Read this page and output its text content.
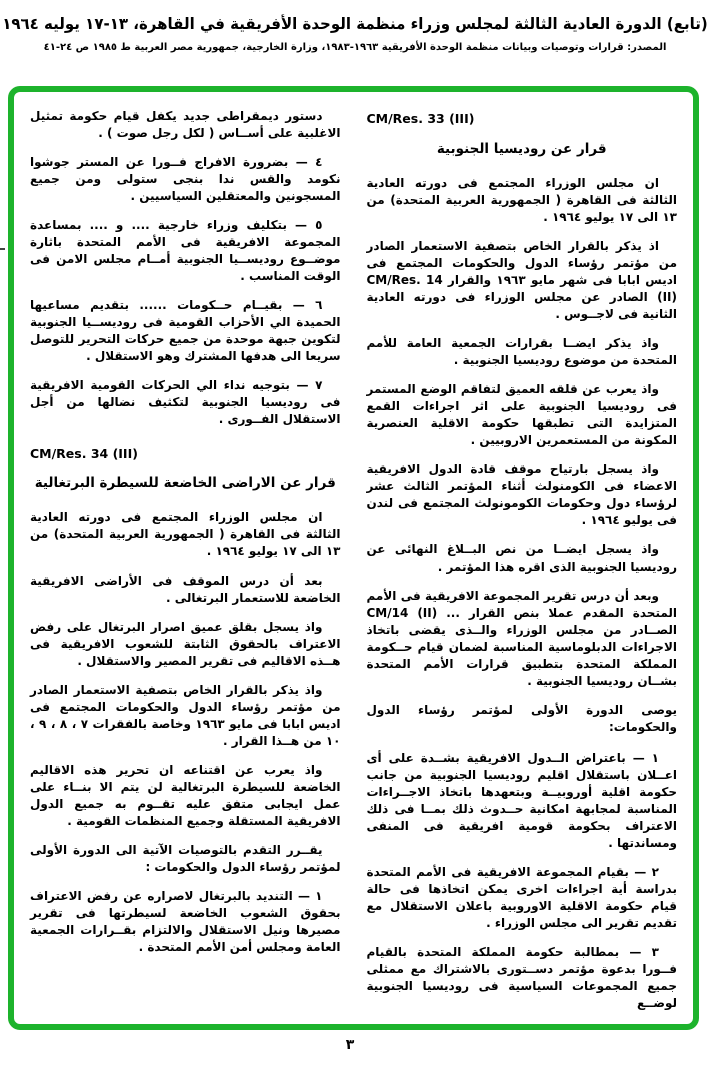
(تابع) الدورة العادية الثالثة لمجلس وزراء منظمة الوحدة الأفريقية في القاهرة، ١٣-١٧ يوليه ١٩٦٤
المصدر: قرارات وتوصيات وبيانات منظمة الوحدة الأفريقية ١٩٦٣-١٩٨٣، وزارة الخارجية، جمهورية مصر العربية ط ١٩٨٥ ص ٢٤-٤١
CM/Res. 33 (III)
قرار عن روديسيا الجنوبية

ان مجلس الوزراء المجتمع فى دورته العادية الثالثة فى القاهرة ( الجمهورية العربية المتحدة) من ١٣ الى ١٧ يوليو ١٩٦٤ .

اذ يذكر بالقرار الخاص بتصفية الاستعمار الصادر من مؤتمر رؤساء الدول والحكومات المجتمع فى اديس ابابا فى شهر مايو ١٩٦٣ والقرار CM/Res. 14 (II) الصادر عن مجلس الوزراء فى دورته العادية الثانية فى لاجــوس .

واذ يذكر ايضــا بقرارات الجمعية العامة للأمم المتحدة من موضوع روديسيا الجنوبية .

واذ يعرب عن قلقه العميق لتفاقم الوضع المستمر فى روديسيا الجنوبية على اثر اجراءات القمع المتزايدة التى تطبقها حكومة الاقلية العنصرية المكونة من المستعمرين الاروبيين .

واذ يسجل بارتياح موقف قادة الدول الافريقية الاعضاء فى الكومنولث أثناء المؤتمر الثالث عشر لرؤساء دول وحكومات الكومونولث المجتمع فى لندن فى يوليو ١٩٦٤ .

واذ يسجل ايضــا من نص البــلاغ النهائى عن روديسيا الجنوبية الذى اقره هذا المؤتمر .

وبعد أن درس تقرير المجموعة الافريقية فى الأمم المتحدة المقدم عملا بنص القرار ... CM/14 (II) الصــادر من مجلس الوزراء والــذى يقضى باتخاذ الاجراءات الدبلوماسية المناسبة لضمان قيام حــكومة المملكة المتحدة بتطبيق قرارات الأمم المتحدة بشــان روديسيا الجنوبية .

يوصى الدورة الأولى لمؤتمر رؤساء الدول والحكومات:

١ — باعتراض الــدول الافريقية بشــدة على أى اعــلان باستقلال اقليم روديسيا الجنوبية من جانب حكومة اقلية أوروبيــة وبتعهدها باتخاذ الاجــراءات المناسبة لمجابهة امكانية حــدوث ذلك بمــا فى ذلك الاعتراف بحكومة قومية افريقية فى المنفى ومساندتها .

٢ — بقيام المجموعة الافريقية فى الأمم المتحدة بدراسة أية اجراءات اخرى يمكن اتخاذها فى حالة قيام حكومة الاقلية الاوروبية باعلان الاستقلال مع تقديم تقرير الى مجلس الوزراء .

٣ — بمطالبة حكومة المملكة المتحدة بالقيام فــورا بدعوة مؤتمر دســتورى بالاشتراك مع ممثلى جميع المجموعات السياسية فى روديسيا الجنوبية لوضــع

دستور ديمقراطى جديد يكفل قيام حكومة تمثيل الاغلبية على أســاس ( لكل رجل صوت ) .

٤ — بضرورة الافراج فــورا عن المستر جوشوا نكومد والقس ندا بنجى ستولى ومن جميع المسجونين والمعتقلين السياسيين .

٥ — بتكليف وزراء خارجية .... و .... بمساعدة المجموعة الافريقية فى الأمم المتحدة باثارة موضــوع روديســيا الجنوبية أمــام مجلس الامن فى الوقت المناسب .

٦ — بقيــام حــكومات ...... بتقديم مساعيها الحميدة الي الأحزاب القومية فى روديســيا الجنوبية لتكوين جبهة موحدة من جميع حركات التحرير للتوصل سريعا الى هدفها المشترك وهو الاستقلال .

٧ — بتوجيه نداء الي الحركات القومية الافريقية فى روديسيا الجنوبية لتكثيف نضالها من أجل الاستقلال الفــورى .

CM/Res. 34 (III)
قرار عن الاراضى الخاضعة للسيطرة البرتغالية

ان مجلس الوزراء المجتمع فى دورته العادية الثالثة فى القاهرة ( الجمهورية العربية المتحدة) من ١٣ الى ١٧ يوليو ١٩٦٤ .

بعد أن درس الموقف فى الأراضى الافريقية الخاضعة للاستعمار البرتغالى .

واذ يسجل بقلق عميق اصرار البرتغال على رفض الاعتراف بالحقوق الثابتة للشعوب الافريقية فى هــذه الاقاليم فى تقرير المصير والاستقلال .

واذ يذكر بالقرار الخاص بتصفية الاستعمار الصادر من مؤتمر رؤساء الدول والحكومات المجتمع فى اديس ابابا فى مايو ١٩٦٣ وخاصة بالفقرات ٧ ، ٨ ، ٩ ، ١٠ من هــذا القرار .

واذ يعرب عن اقتناعه ان تحرير هذه الاقاليم الخاضعة للسيطرة البرتغالية لن يتم الا بنــاء على عمل ايجابى متفق عليه تقــوم به جميع الدول الافريقية المستقلة وجميع المنظمات القومية .

يقــرر التقدم بالتوصيات الآتية الى الدورة الأولى لمؤتمر رؤساء الدول والحكومات :

١ — التنديد بالبرتغال لاصراره عن رفض الاعتراف بحقوق الشعوب الخاضعة لسيطرتها فى تقرير مصيرها ونيل الاستقلال والالتزام بقــرارات الجمعية العامة ومجلس أمن الأمم المتحدة .

٣
